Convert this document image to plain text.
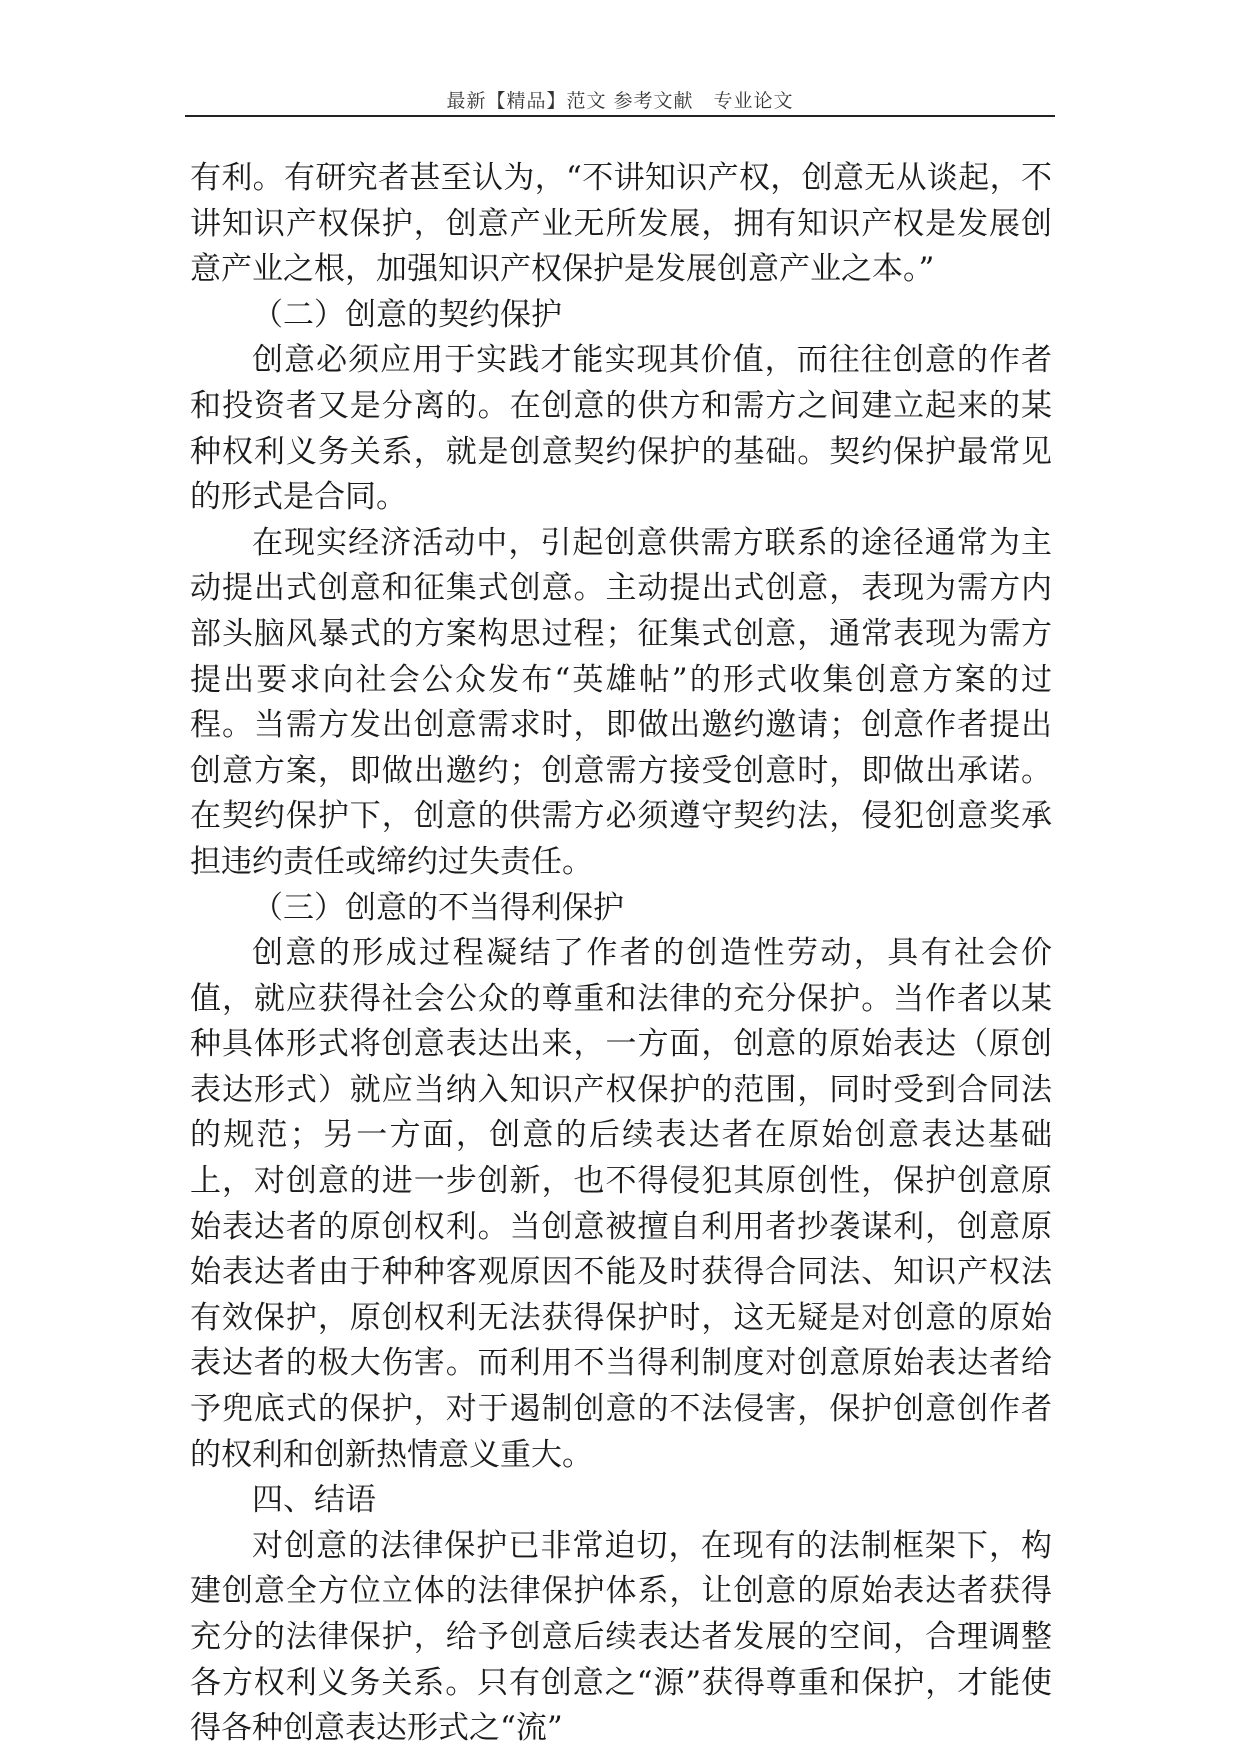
最新【精品】范文 参考文献　专业论文

有利。有研究者甚至认为，“不讲知识产权，创意无从谈起，不讲知识产权保护，创意产业无所发展，拥有知识产权是发展创意产业之根，加强知识产权保护是发展创意产业之本。”

（二）创意的契约保护

创意必须应用于实践才能实现其价值，而往往创意的作者和投资者又是分离的。在创意的供方和需方之间建立起来的某种权利义务关系，就是创意契约保护的基础。契约保护最常见的形式是合同。

在现实经济活动中，引起创意供需方联系的途径通常为主动提出式创意和征集式创意。主动提出式创意，表现为需方内部头脑风暴式的方案构思过程；征集式创意，通常表现为需方提出要求向社会公众发布“英雄帖”的形式收集创意方案的过程。当需方发出创意需求时，即做出邀约邀请；创意作者提出创意方案，即做出邀约；创意需方接受创意时，即做出承诺。在契约保护下，创意的供需方必须遵守契约法，侵犯创意奖承担违约责任或缔约过失责任。

（三）创意的不当得利保护

创意的形成过程凝结了作者的创造性劳动，具有社会价值，就应获得社会公众的尊重和法律的充分保护。当作者以某种具体形式将创意表达出来，一方面，创意的原始表达（原创表达形式）就应当纳入知识产权保护的范围，同时受到合同法的规范；另一方面，创意的后续表达者在原始创意表达基础上，对创意的进一步创新，也不得侵犯其原创性，保护创意原始表达者的原创权利。当创意被擅自利用者抄袭谋利，创意原始表达者由于种种客观原因不能及时获得合同法、知识产权法有效保护，原创权利无法获得保护时，这无疑是对创意的原始表达者的极大伤害。而利用不当得利制度对创意原始表达者给予兜底式的保护，对于遏制创意的不法侵害，保护创意创作者的权利和创新热情意义重大。

四、结语

对创意的法律保护已非常迫切，在现有的法制框架下，构建创意全方位立体的法律保护体系，让创意的原始表达者获得充分的法律保护，给予创意后续表达者发展的空间，合理调整各方权利义务关系。只有创意之“源”获得尊重和保护，才能使得各种创意表达形式之“流”
